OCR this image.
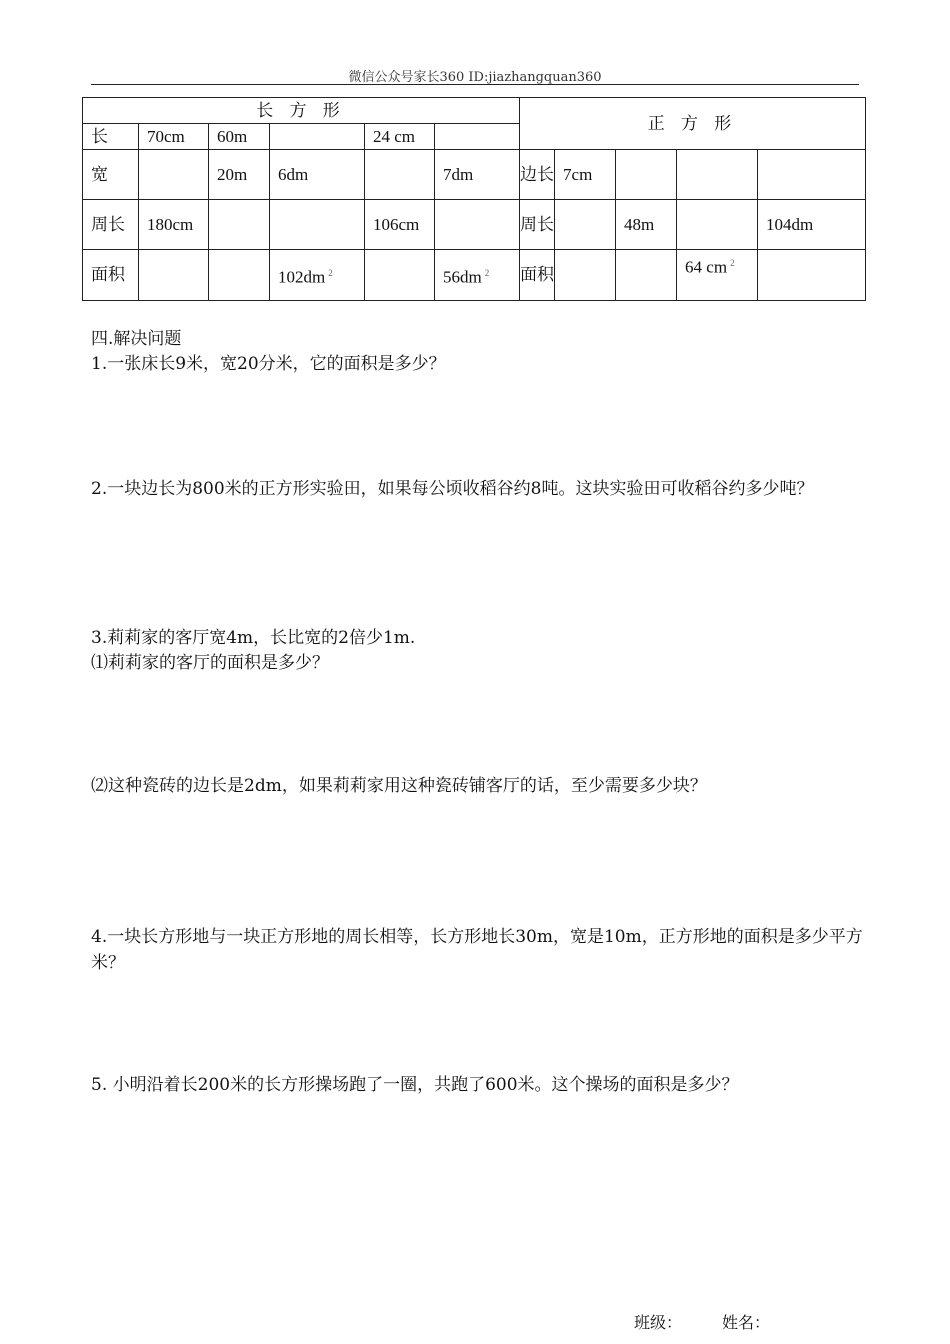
微信公众号家长360 ID:jiazhangquan360
长 方 形						正 方 形				
长	70cm	60m		24 cm						
宽		20m	6dm		7dm	边长	7cm			
周长	180cm			106cm		周长		48m		104dm
面积			102dm $^2$		56dm $^2$	面积			64 cm $^2$	
四.解决问题
1.一张床长9米，宽20分米，它的面积是多少？
2.一块边长为800米的正方形实验田，如果每公顷收稻谷约8吨。这块实验田可收稻谷约多少吨？
3.莉莉家的客厅宽4m，长比宽的2倍少1m.
⑴莉莉家的客厅的面积是多少？
⑵这种瓷砖的边长是2dm，如果莉莉家用这种瓷砖铺客厅的话，至少需要多少块？
4.一块长方形地与一块正方形地的周长相等，长方形地长30m，宽是10m，正方形地的面积是多少平方米？
5. 小明沿着长200米的长方形操场跑了一圈，共跑了600米。这个操场的面积是多少？
班级： 姓名：
